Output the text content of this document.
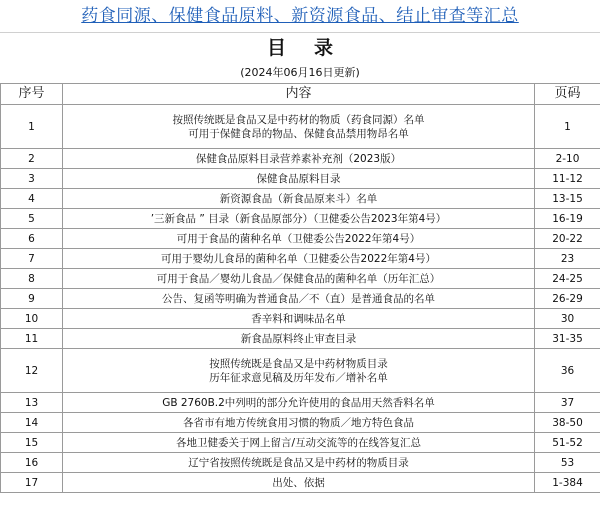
药食同源、保健食品原料、新资源食品、结止审查等汇总
目录
(2024年06月16日更新)
序号	内容	页码
1	按照传统既是食品又是中药材的物质（药食同源）名单
可用于保健食昂的物品、保健食品禁用物昂名单	1
2	保健食品原料目录营养素补充剂（2023版）	2-10
3	保健食品原料目录	11-12
4	新资源食品（新食品原来斗）名单	13-15
5	’三新食品 ” 目录（新食品原部分）（卫健委公告2023年第4号）	16-19
6	可用于食品的菌种名单（卫健委公告2022年第4号）	20-22
7	可用于婴幼儿食昂的菌种名单（卫健委公告2022年第4号）	23
8	可用于食品／婴幼儿食品／保健食品的菌种名单（历年汇总）	24-25
9	公告、复函等明确为普通食品／不（直）是普通食品的名单	26-29
10	香辛料和调味品名单	30
11	新食品原料终止审查目录	31-35
12	按照传统既是食品又是中药材物质目录
历年征求意见稿及历年发布／增补名单	36
13	GB 2760B.2中列明的部分允许使用的食品用天然香料名单	37
14	各省市有地方传统食用习惯的物质／地方特色食品	38-50
15	各地卫健委关于网上留言/互动交流等的在线答复汇总	51-52
16	辽宁省按照传统既是食品又是中药材的物质目录	53
17	出处、依据	1-384
